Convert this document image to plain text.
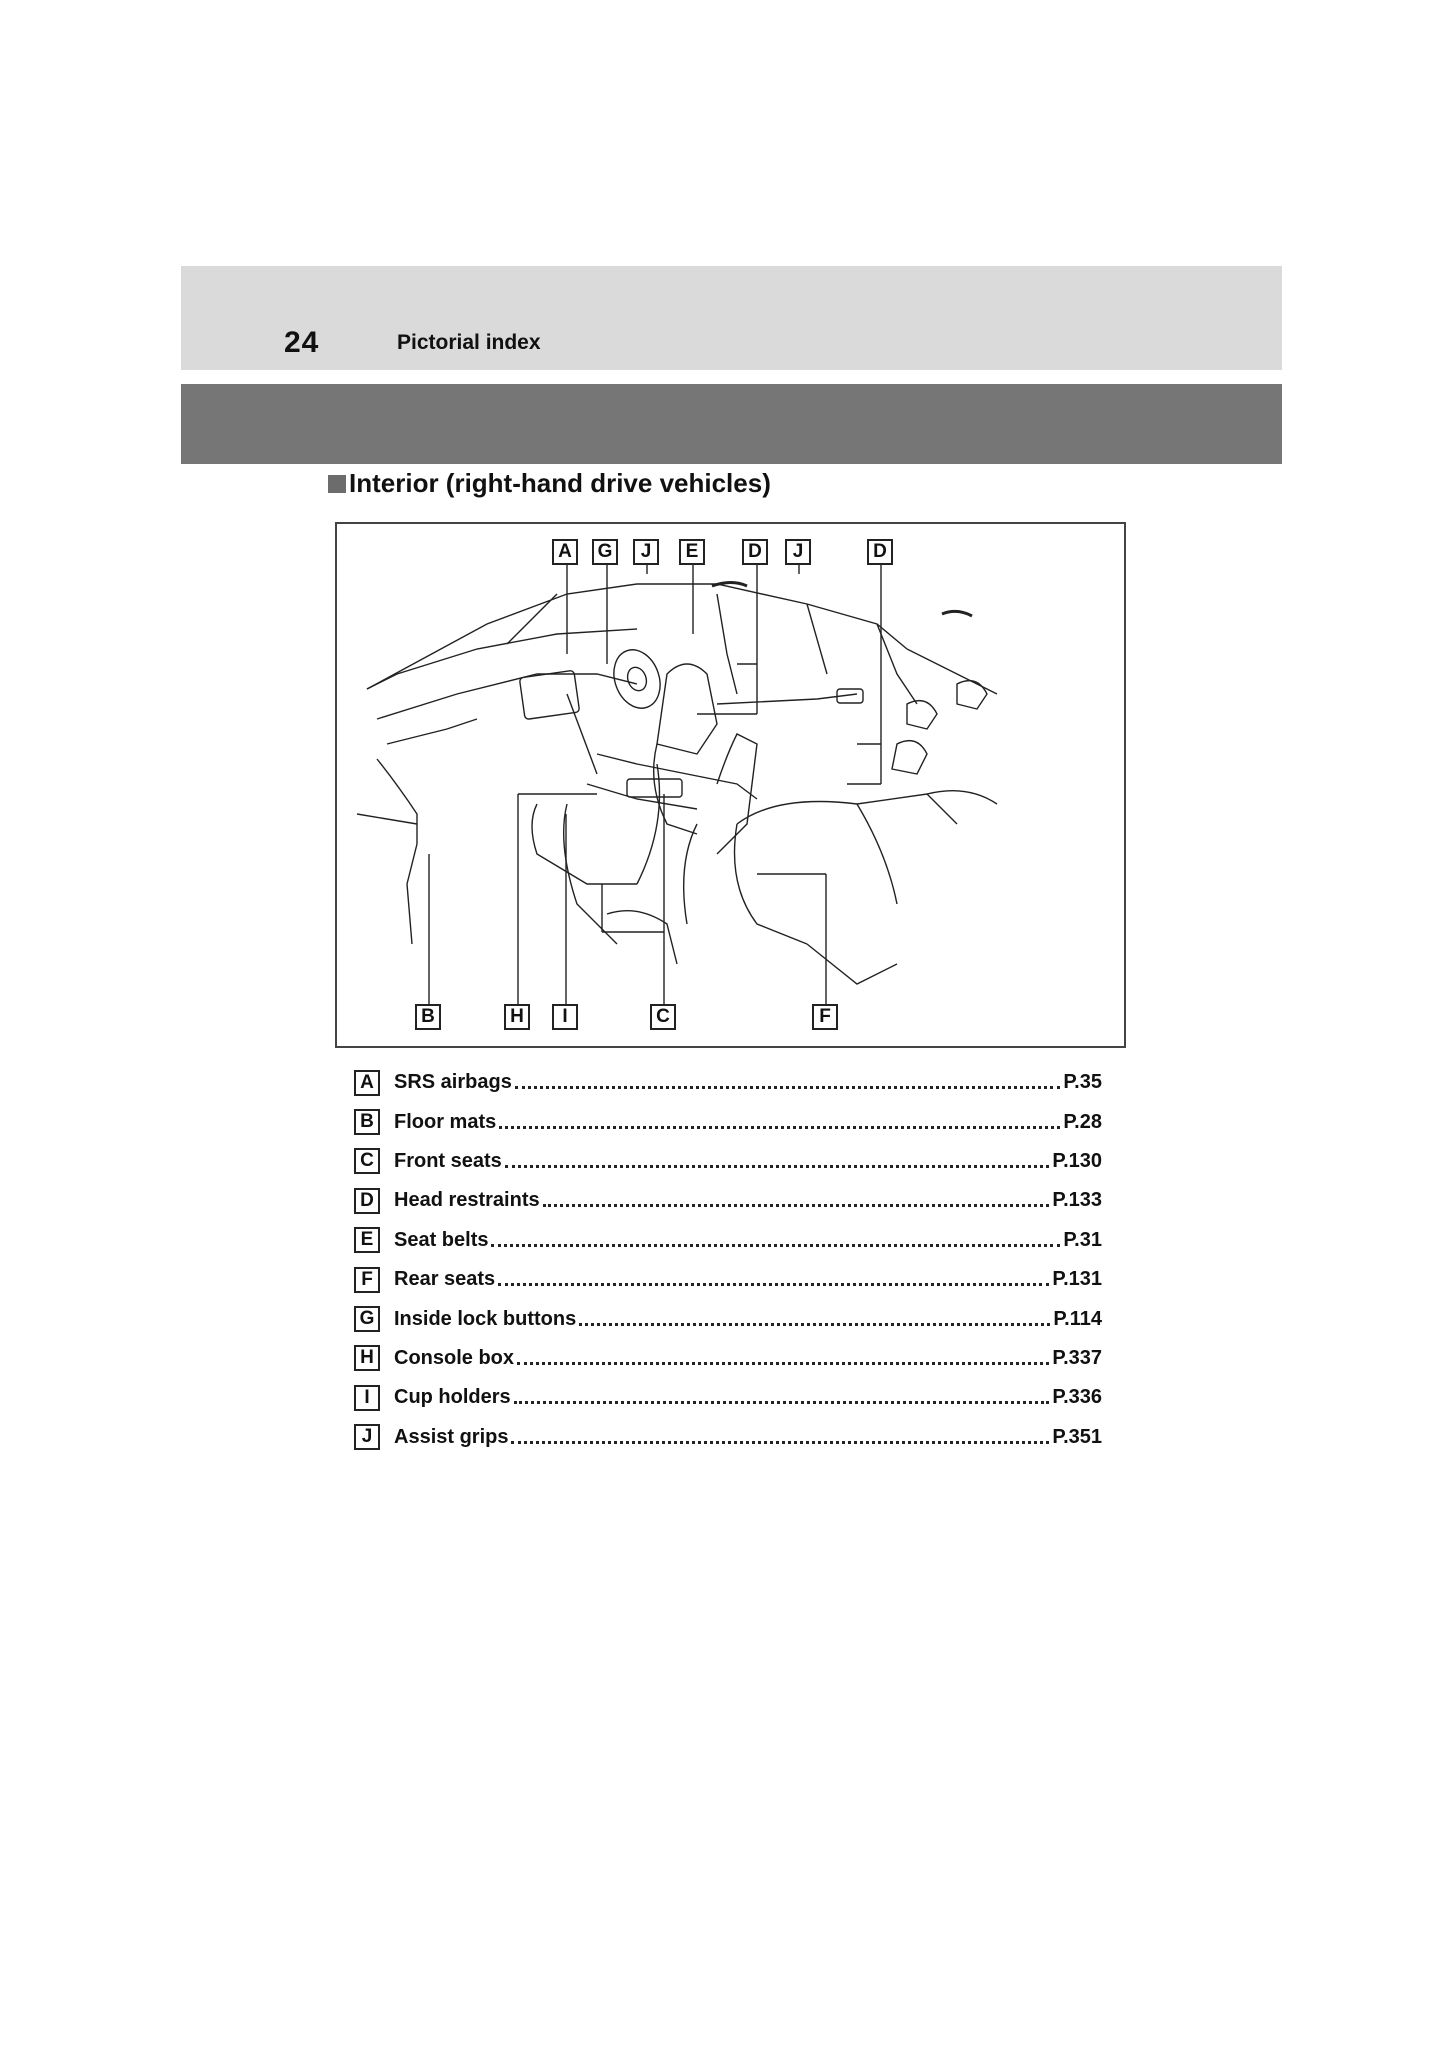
24	Pictorial index
Interior (right-hand drive vehicles)
A	G	J	E	D	J	D
B	H	I	C	F
A	SRS airbags	P.35
B	Floor mats	P.28
C	Front seats	P.130
D	Head restraints	P.133
E	Seat belts	P.31
F	Rear seats	P.131
G Inside lock buttons	P.114
H	Console box	P.337
I	Cup holders	P.336
J	Assist grips	P.351
